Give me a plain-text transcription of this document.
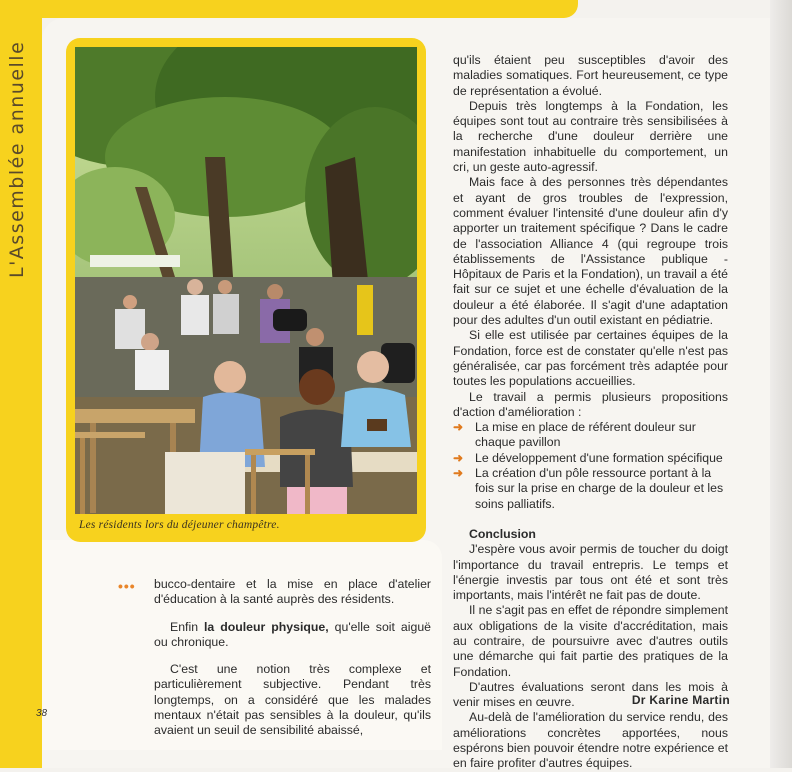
L'Assemblée annuelle
Les résidents lors du déjeuner champêtre.

qu'ils étaient peu susceptibles d'avoir des maladies somatiques. Fort heureusement, ce type de représentation a évolué.

Depuis très longtemps à la Fondation, les équipes sont tout au contraire très sensibilisées à la recherche d'une douleur derrière une manifestation inhabituelle du comportement, un cri, un geste auto-agressif.

Mais face à des personnes très dépendantes et ayant de gros troubles de l'expression, comment évaluer l'intensité d'une douleur afin d'y apporter un traitement spécifique ? Dans le cadre de l'association Alliance 4 (qui regroupe trois établissements de l'Assistance publique - Hôpitaux de Paris et la Fondation), un travail a été fait sur ce sujet et une échelle d'évaluation de la douleur a été élaborée. Il s'agit d'une adaptation pour des adultes d'un outil existant en pédiatrie.

Si elle est utilisée par certaines équipes de la Fondation, force est de constater qu'elle n'est pas généralisée, car pas forcément très adaptée pour toutes les populations accueillies.

Le travail a permis plusieurs propositions d'action d'amélioration :

➜ La mise en place de référent douleur sur chaque pavillon
➜ Le développement d'une formation spécifique
➜ La création d'un pôle ressource portant à la fois sur la prise en charge de la douleur et les soins palliatifs.

Conclusion

J'espère vous avoir permis de toucher du doigt l'importance du travail entrepris. Le temps et l'énergie investis par tous ont été et sont très importants, mais l'intérêt ne fait pas de doute.

Il ne s'agit pas en effet de répondre simplement aux obligations de la visite d'accréditation, mais au contraire, de poursuivre avec d'autres outils une démarche qui fait partie des pratiques de la Fondation.

D'autres évaluations seront dans les mois à venir mises en œuvre.

Au-delà de l'amélioration du service rendu, des améliorations concrètes apportées, nous espérons bien pouvoir étendre notre expérience et en faire profiter d'autres équipes.

Dr Karine Martin
••• bucco-dentaire et la mise en place d'atelier d'éducation à la santé auprès des résidents.

Enfin la douleur physique, qu'elle soit aiguë ou chronique.

C'est une notion très complexe et particulièrement subjective. Pendant très longtemps, on a considéré que les malades mentaux n'était pas sensibles à la douleur, qu'ils avaient un seuil de sensibilité abaissé,

38
